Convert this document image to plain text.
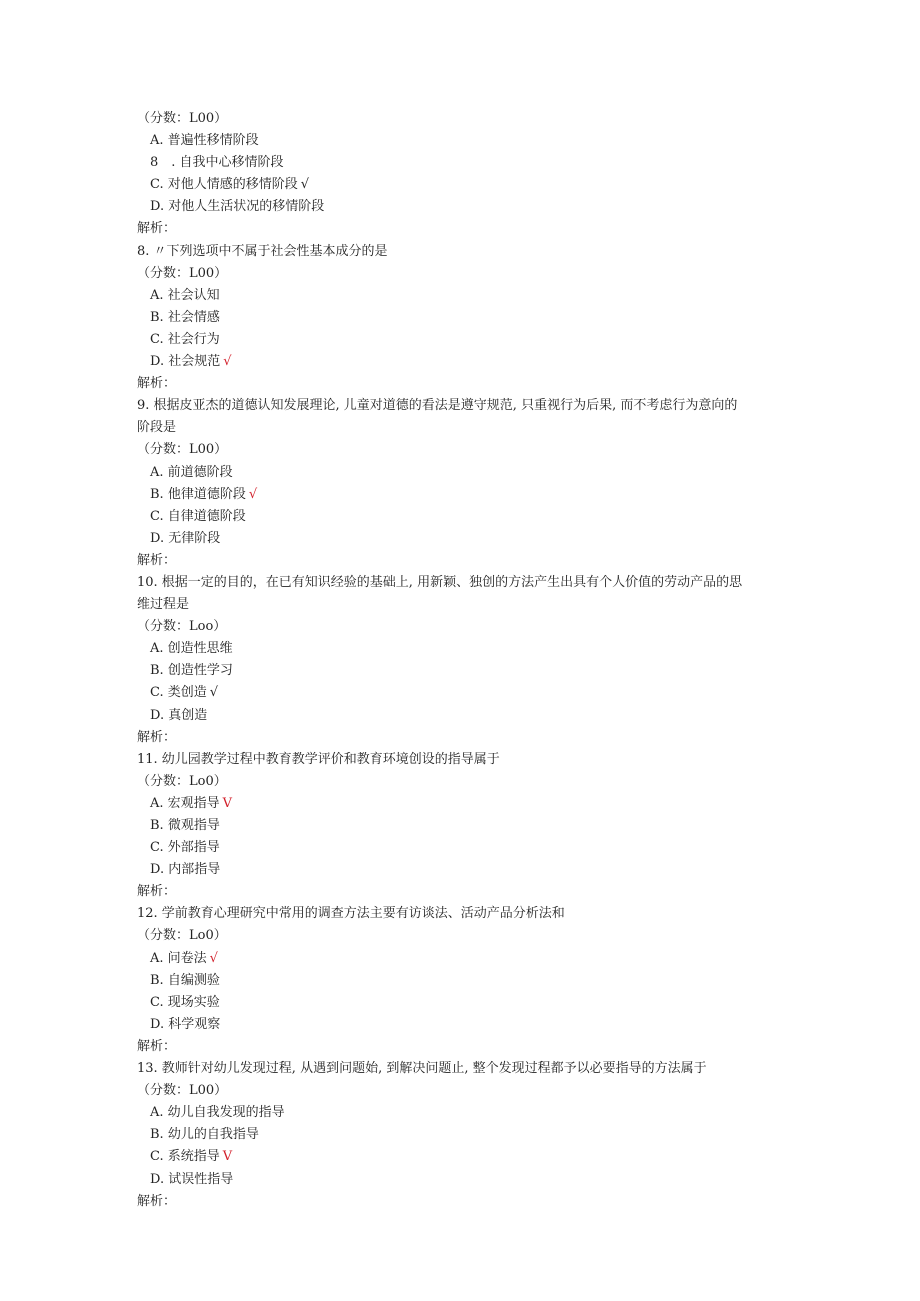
（分数：L00）
A. 普遍性移情阶段
8　. 自我中心移情阶段
C. 对他人情感的移情阶段 √
D. 对他人生活状况的移情阶段
解析：
8. 〃下列选项中不属于社会性基本成分的是
（分数：L00）
A. 社会认知
B. 社会情感
C. 社会行为
D. 社会规范 √
解析：
9. 根据皮亚杰的道德认知发展理论, 儿童对道德的看法是遵守规范, 只重视行为后果, 而不考虑行为意向的
阶段是
（分数：L00）
A. 前道德阶段
B. 他律道德阶段 √
C. 自律道德阶段
D. 无律阶段
解析：
10. 根据一定的目的，在已有知识经验的基础上, 用新颖、独创的方法产生出具有个人价值的劳动产品的思
维过程是
（分数：Loo）
A. 创造性思维
B. 创造性学习
C. 类创造 √
D. 真创造
解析：
11. 幼儿园教学过程中教育教学评价和教育环境创设的指导属于
（分数：Lo0）
A. 宏观指导 V
B. 微观指导
C. 外部指导
D. 内部指导
解析：
12. 学前教育心理研究中常用的调查方法主要有访谈法、活动产品分析法和
（分数：Lo0）
A. 问卷法 √
B. 自编测验
C. 现场实验
D. 科学观察
解析：
13. 教师针对幼儿发现过程, 从遇到问题始, 到解决问题止, 整个发现过程都予以必要指导的方法属于
（分数：L00）
A. 幼儿自我发现的指导
B. 幼儿的自我指导
C. 系统指导 V
D. 试误性指导
解析：
